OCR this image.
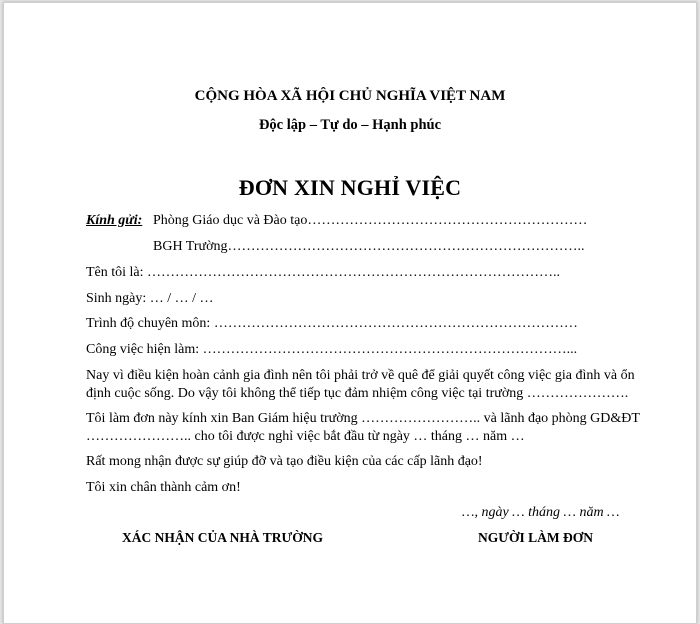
CỘNG HÒA XÃ HỘI CHỦ NGHĨA VIỆT NAM
Độc lập – Tự do – Hạnh phúc
ĐƠN XIN NGHỈ VIỆC
Kính gửi: Phòng Giáo dục và Đào tạo……………………………………………………
BGH Trường…………………………………………………………………..
Tên tôi là: ……………………………………………………………………………..
Sinh ngày: … / … / …
Trình độ chuyên môn: ……………………………………………………………………
Công việc hiện làm: ……………………………………………………………………...
Nay vì điều kiện hoàn cảnh gia đình nên tôi phải trở về quê để giải quyết công việc gia đình và ổn
định cuộc sống. Do vậy tôi không thể tiếp tục đảm nhiệm công việc tại trường ………………….
Tôi làm đơn này kính xin Ban Giám hiệu trường …………………….. và lãnh đạo phòng GD&ĐT
………………….. cho tôi được nghỉ việc bắt đầu từ ngày … tháng … năm …
Rất mong nhận được sự giúp đỡ và tạo điều kiện của các cấp lãnh đạo!
Tôi xin chân thành cảm ơn!
…, ngày … tháng … năm …
XÁC NHẬN CỦA NHÀ TRƯỜNG	NGƯỜI LÀM ĐƠN
